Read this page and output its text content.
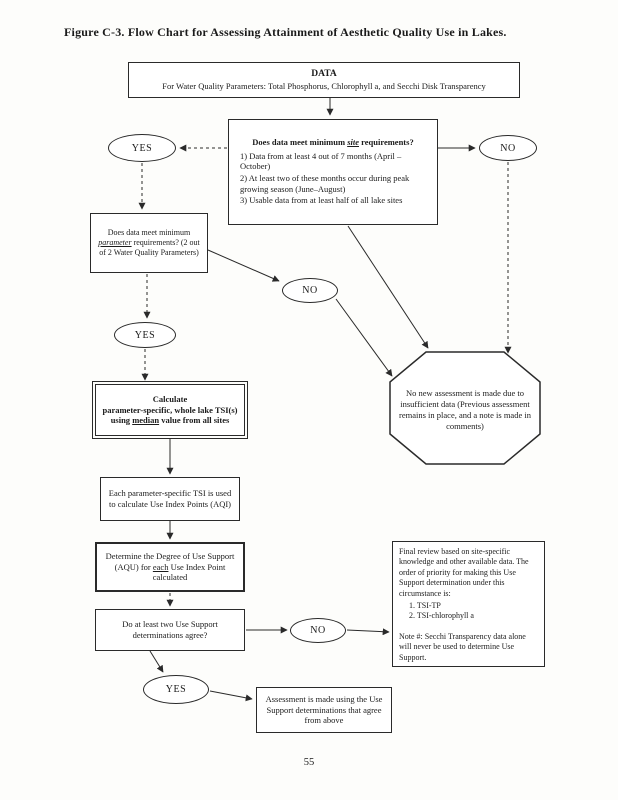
Figure C-3. Flow Chart for Assessing Attainment of Aesthetic Quality Use in Lakes.
DATA
For Water Quality Parameters: Total Phosphorus, Chlorophyll a, and Secchi Disk Transparency
Does data meet minimum site requirements?
1) Data from at least 4 out of 7 months (April – October)
2) At least two of these months occur during peak growing season (June–August)
3) Usable data from at least half of all lake sites
YES	NO
Does data meet minimum parameter requirements? (2 out of 2 Water Quality Parameters)
NO
YES
No new assessment is made due to insufficient data (Previous assessment remains in place, and a note is made in comments)
Calculate
parameter-specific, whole lake TSI(s)
using median value from all sites
Each parameter-specific TSI is used to calculate Use Index Points (AQI)
Determine the Degree of Use Support (AQU) for each Use Index Point calculated
Do at least two Use Support determinations agree?	NO
YES
Final review based on site-specific knowledge and other available data. The order of priority for making this Use Support determination under this circumstance is:
1. TSI-TP
2. TSI-chlorophyll a
Note #: Secchi Transparency data alone will never be used to determine Use Support.
Assessment is made using the Use Support determinations that agree from above
55
